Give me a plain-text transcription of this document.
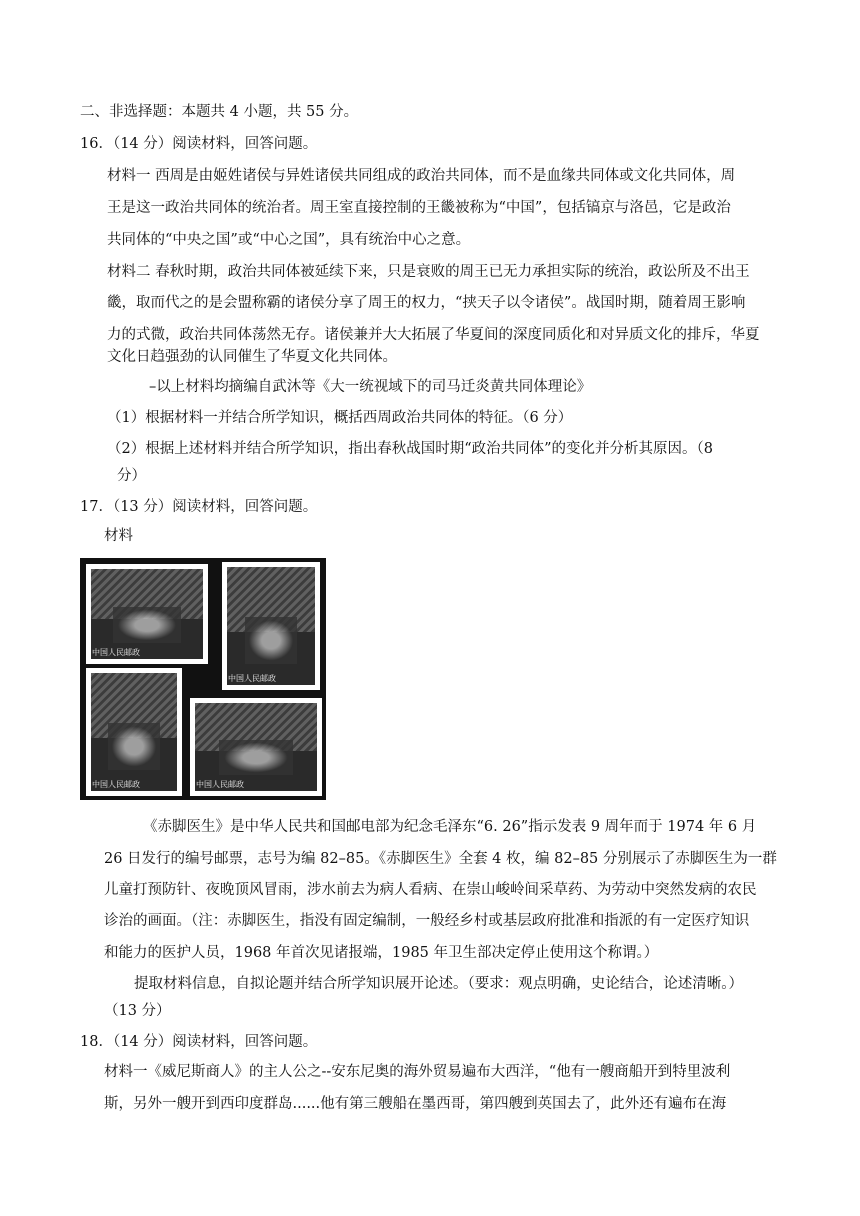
二、非选择题：本题共 4 小题，共 55 分。
16．（14 分）阅读材料，回答问题。
材料一 西周是由姬姓诸侯与异姓诸侯共同组成的政治共同体，而不是血缘共同体或文化共同体，周
王是这一政治共同体的统治者。周王室直接控制的王畿被称为“中国”，包括镐京与洛邑，它是政治
共同体的“中央之国”或“中心之国”，具有统治中心之意。
材料二 春秋时期，政治共同体被延续下来，只是衰败的周王已无力承担实际的统治，政讼所及不出王
畿，取而代之的是会盟称霸的诸侯分享了周王的权力，“挟天子以令诸侯”。战国时期，随着周王影响
力的式微，政治共同体荡然无存。诸侯兼并大大拓展了华夏间的深度同质化和对异质文化的排斥，华夏
文化日趋强劲的认同催生了华夏文化共同体。
–以上材料均摘编自武沐等《大一统视域下的司马迁炎黄共同体理论》
（1）根据材料一并结合所学知识，概括西周政治共同体的特征。（6 分）
（2）根据上述材料并结合所学知识，指出春秋战国时期“政治共同体”的变化并分析其原因。（8
分）
17．（13 分）阅读材料，回答问题。
材料
中国人民邮政
中国人民邮政
中国人民邮政	中国人民邮政
《赤脚医生》是中华人民共和国邮电部为纪念毛泽东“6. 26”指示发表 9 周年而于 1974 年 6 月
26 日发行的编号邮票，志号为编 82–85。《赤脚医生》全套 4 枚，编 82–85 分别展示了赤脚医生为一群
儿童打预防针、夜晚顶风冒雨，涉水前去为病人看病、在崇山峻岭间采草药、为劳动中突然发病的农民
诊治的画面。（注：赤脚医生，指没有固定编制，一般经乡村或基层政府批准和指派的有一定医疗知识
和能力的医护人员，1968 年首次见诸报端，1985 年卫生部决定停止使用这个称谓。）
提取材料信息，自拟论题并结合所学知识展开论述。（要求：观点明确，史论结合，论述清晰。）
（13 分）
18．（14 分）阅读材料，回答问题。
材料一《威尼斯商人》的主人公之--安东尼奥的海外贸易遍布大西洋，“他有一艘商船开到特里波利
斯，另外一艘开到西印度群岛......他有第三艘船在墨西哥，第四艘到英国去了，此外还有遍布在海
